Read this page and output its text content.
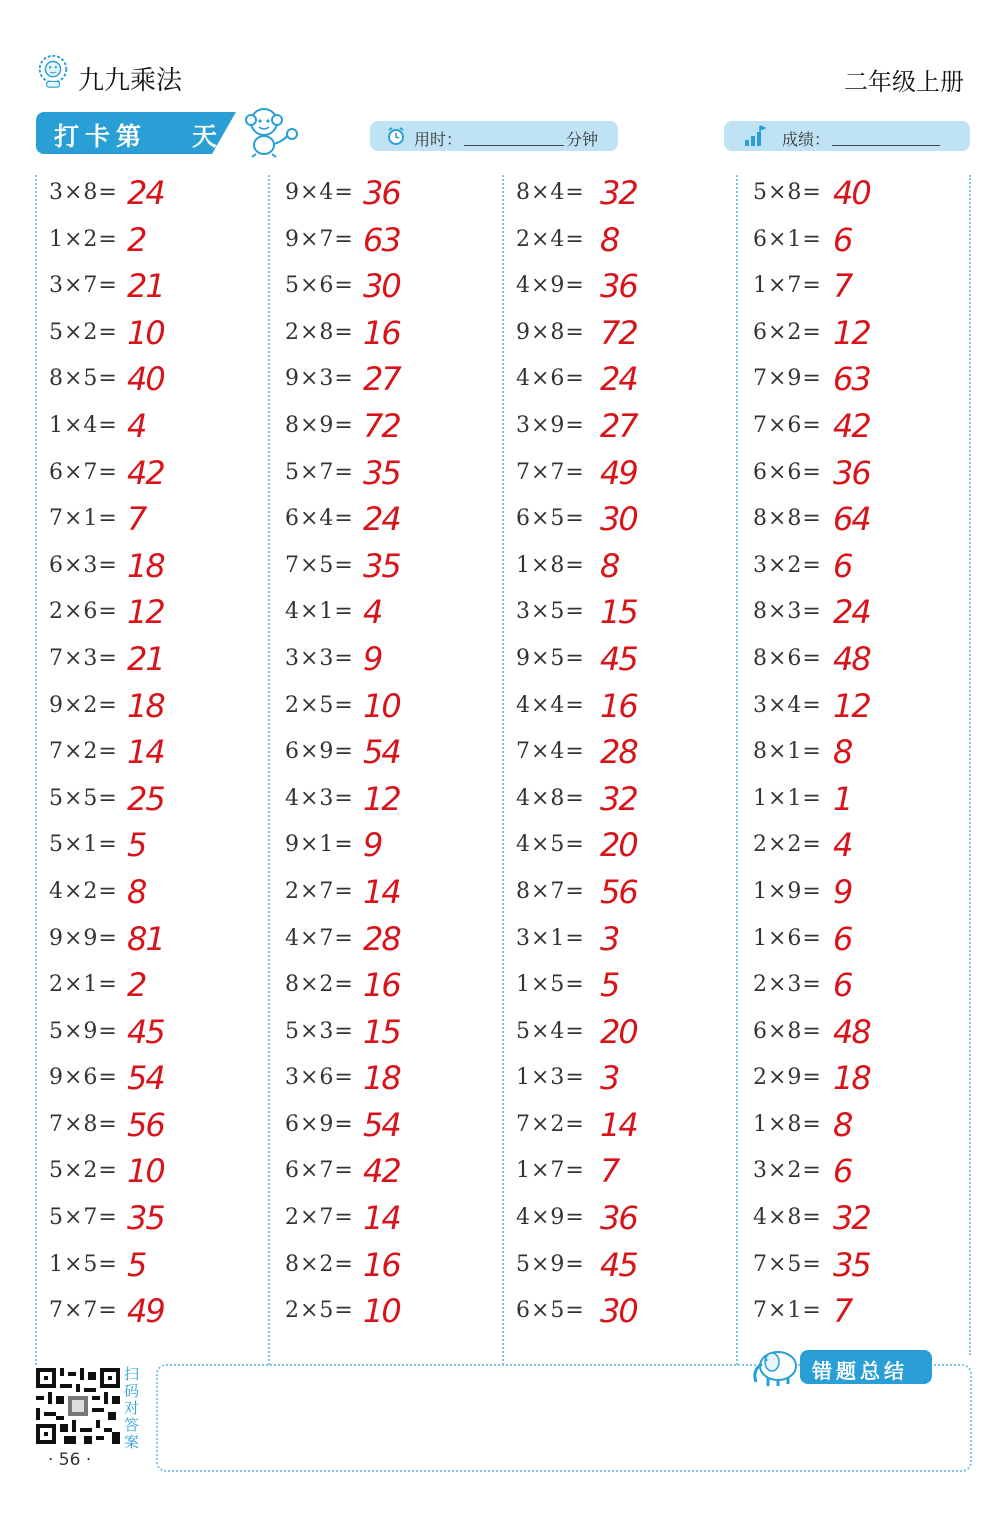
九九乘法	二年级上册
打卡第 天	用时：	分钟	成绩：
3×8= 24
1×2= 2
3×7= 21
5×2= 10
8×5= 40
1×4= 4
6×7= 42
7×1= 7
6×3= 18
2×6= 12
7×3= 21
9×2= 18
7×2= 14
5×5= 25
5×1= 5
4×2= 8
9×9= 81
2×1= 2
5×9= 45
9×6= 54
7×8= 56
5×2= 10
5×7= 35
1×5= 5
7×7= 49
9×4= 36
9×7= 63
5×6= 30
2×8= 16
9×3= 27
8×9= 72
5×7= 35
6×4= 24
7×5= 35
4×1= 4
3×3= 9
2×5= 10
6×9= 54
4×3= 12
9×1= 9
2×7= 14
4×7= 28
8×2= 16
5×3= 15
3×6= 18
6×9= 54
6×7= 42
2×7= 14
8×2= 16
2×5= 10
8×4= 32
2×4= 8
4×9= 36
9×8= 72
4×6= 24
3×9= 27
7×7= 49
6×5= 30
1×8= 8
3×5= 15
9×5= 45
4×4= 16
7×4= 28
4×8= 32
4×5= 20
8×7= 56
3×1= 3
1×5= 5
5×4= 20
1×3= 3
7×2= 14
1×7= 7
4×9= 36
5×9= 45
6×5= 30
5×8= 40
6×1= 6
1×7= 7
6×2= 12
7×9= 63
7×6= 42
6×6= 36
8×8= 64
3×2= 6
8×3= 24
8×6= 48
3×4= 12
8×1= 8
1×1= 1
2×2= 4
1×9= 9
1×6= 6
2×3= 6
6×8= 48
2×9= 18
1×8= 8
3×2= 6
4×8= 32
7×5= 35
7×1= 7
错题总结
扫码对答案
· 56 ·
